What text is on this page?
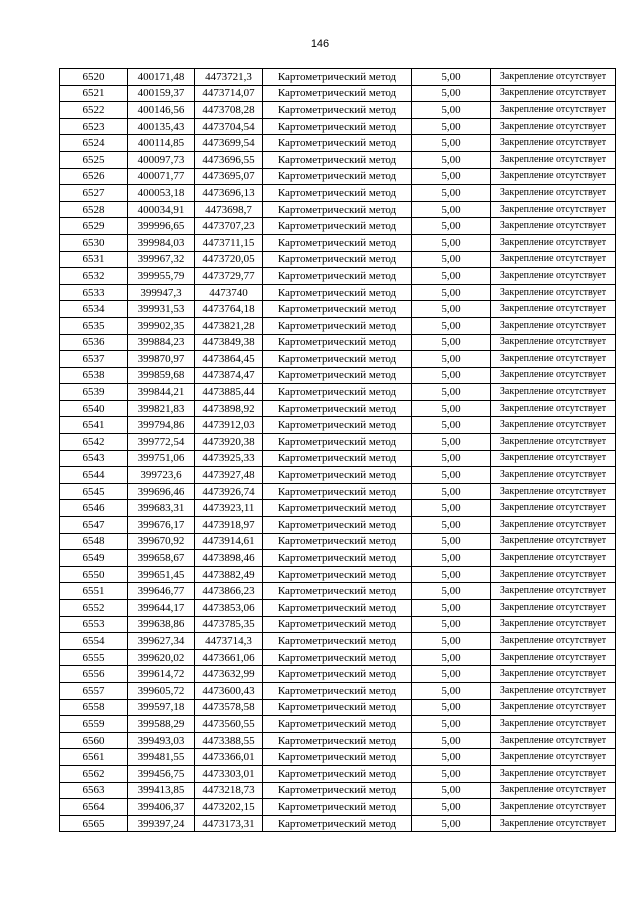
146
6520	400171,48	4473721,3	Картометрический метод	5,00	Закрепление отсутствует
6521	400159,37	4473714,07	Картометрический метод	5,00	Закрепление отсутствует
6522	400146,56	4473708,28	Картометрический метод	5,00	Закрепление отсутствует
6523	400135,43	4473704,54	Картометрический метод	5,00	Закрепление отсутствует
6524	400114,85	4473699,54	Картометрический метод	5,00	Закрепление отсутствует
6525	400097,73	4473696,55	Картометрический метод	5,00	Закрепление отсутствует
6526	400071,77	4473695,07	Картометрический метод	5,00	Закрепление отсутствует
6527	400053,18	4473696,13	Картометрический метод	5,00	Закрепление отсутствует
6528	400034,91	4473698,7	Картометрический метод	5,00	Закрепление отсутствует
6529	399996,65	4473707,23	Картометрический метод	5,00	Закрепление отсутствует
6530	399984,03	4473711,15	Картометрический метод	5,00	Закрепление отсутствует
6531	399967,32	4473720,05	Картометрический метод	5,00	Закрепление отсутствует
6532	399955,79	4473729,77	Картометрический метод	5,00	Закрепление отсутствует
6533	399947,3	4473740	Картометрический метод	5,00	Закрепление отсутствует
6534	399931,53	4473764,18	Картометрический метод	5,00	Закрепление отсутствует
6535	399902,35	4473821,28	Картометрический метод	5,00	Закрепление отсутствует
6536	399884,23	4473849,38	Картометрический метод	5,00	Закрепление отсутствует
6537	399870,97	4473864,45	Картометрический метод	5,00	Закрепление отсутствует
6538	399859,68	4473874,47	Картометрический метод	5,00	Закрепление отсутствует
6539	399844,21	4473885,44	Картометрический метод	5,00	Закрепление отсутствует
6540	399821,83	4473898,92	Картометрический метод	5,00	Закрепление отсутствует
6541	399794,86	4473912,03	Картометрический метод	5,00	Закрепление отсутствует
6542	399772,54	4473920,38	Картометрический метод	5,00	Закрепление отсутствует
6543	399751,06	4473925,33	Картометрический метод	5,00	Закрепление отсутствует
6544	399723,6	4473927,48	Картометрический метод	5,00	Закрепление отсутствует
6545	399696,46	4473926,74	Картометрический метод	5,00	Закрепление отсутствует
6546	399683,31	4473923,11	Картометрический метод	5,00	Закрепление отсутствует
6547	399676,17	4473918,97	Картометрический метод	5,00	Закрепление отсутствует
6548	399670,92	4473914,61	Картометрический метод	5,00	Закрепление отсутствует
6549	399658,67	4473898,46	Картометрический метод	5,00	Закрепление отсутствует
6550	399651,45	4473882,49	Картометрический метод	5,00	Закрепление отсутствует
6551	399646,77	4473866,23	Картометрический метод	5,00	Закрепление отсутствует
6552	399644,17	4473853,06	Картометрический метод	5,00	Закрепление отсутствует
6553	399638,86	4473785,35	Картометрический метод	5,00	Закрепление отсутствует
6554	399627,34	4473714,3	Картометрический метод	5,00	Закрепление отсутствует
6555	399620,02	4473661,06	Картометрический метод	5,00	Закрепление отсутствует
6556	399614,72	4473632,99	Картометрический метод	5,00	Закрепление отсутствует
6557	399605,72	4473600,43	Картометрический метод	5,00	Закрепление отсутствует
6558	399597,18	4473578,58	Картометрический метод	5,00	Закрепление отсутствует
6559	399588,29	4473560,55	Картометрический метод	5,00	Закрепление отсутствует
6560	399493,03	4473388,55	Картометрический метод	5,00	Закрепление отсутствует
6561	399481,55	4473366,01	Картометрический метод	5,00	Закрепление отсутствует
6562	399456,75	4473303,01	Картометрический метод	5,00	Закрепление отсутствует
6563	399413,85	4473218,73	Картометрический метод	5,00	Закрепление отсутствует
6564	399406,37	4473202,15	Картометрический метод	5,00	Закрепление отсутствует
6565	399397,24	4473173,31	Картометрический метод	5,00	Закрепление отсутствует
